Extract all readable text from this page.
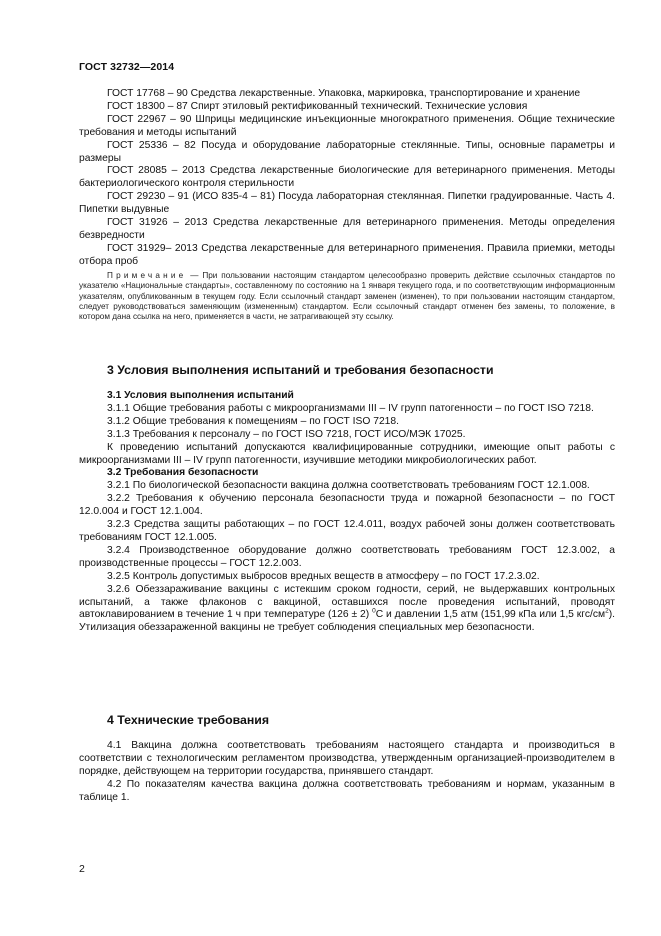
ГОСТ 32732—2014

ГОСТ 17768 – 90 Средства лекарственные. Упаковка, маркировка, транспортирование и хранение

ГОСТ 18300 – 87 Спирт этиловый ректификованный технический. Технические условия

ГОСТ 22967 – 90 Шприцы медицинские инъекционные многократного применения. Общие технические требования и методы испытаний

ГОСТ 25336 – 82 Посуда и оборудование лабораторные стеклянные. Типы, основные параметры и размеры

ГОСТ 28085 – 2013 Средства лекарственные биологические для ветеринарного применения. Методы бактериологического контроля стерильности

ГОСТ 29230 – 91 (ИСО 835-4 – 81) Посуда лабораторная стеклянная. Пипетки градуированные. Часть 4. Пипетки выдувные

ГОСТ 31926 – 2013 Средства лекарственные для ветеринарного применения. Методы определения безвредности

ГОСТ 31929– 2013 Средства лекарственные для ветеринарного применения. Правила приемки, методы отбора проб

Примечание — При пользовании настоящим стандартом целесообразно проверить действие ссылочных стандартов по указателю «Национальные стандарты», составленному по состоянию на 1 января текущего года, и по соответствующим информационным указателям, опубликованным в текущем году. Если ссылочный стандарт заменен (изменен), то при пользовании настоящим стандартом, следует руководствоваться заменяющим (измененным) стандартом. Если ссылочный стандарт отменен без замены, то положение, в котором дана ссылка на него, применяется в части, не затрагивающей эту ссылку.

3 Условия выполнения испытаний и требования безопасности

3.1 Условия выполнения испытаний

3.1.1 Общие требования работы с микроорганизмами III – IV групп патогенности – по ГОСТ ISO 7218.

3.1.2 Общие требования к помещениям – по ГОСТ ISO 7218.

3.1.3 Требования к персоналу – по ГОСТ ISO 7218, ГОСТ ИСО/МЭК 17025.

К проведению испытаний допускаются квалифицированные сотрудники, имеющие опыт работы с микроорганизмами III – IV групп патогенности, изучившие методики микробиологических работ.

3.2 Требования безопасности

3.2.1 По биологической безопасности вакцина должна соответствовать требованиям ГОСТ 12.1.008.

3.2.2 Требования к обучению персонала безопасности труда и пожарной безопасности – по ГОСТ 12.0.004 и ГОСТ 12.1.004.

3.2.3 Средства защиты работающих – по ГОСТ 12.4.011, воздух рабочей зоны должен соответствовать требованиям ГОСТ 12.1.005.

3.2.4 Производственное оборудование должно соответствовать требованиям ГОСТ 12.3.002, а производственные процессы – ГОСТ 12.2.003.

3.2.5 Контроль допустимых выбросов вредных веществ в атмосферу – по ГОСТ 17.2.3.02.

3.2.6 Обеззараживание вакцины с истекшим сроком годности, серий, не выдержавших контрольных испытаний, а также флаконов с вакциной, оставшихся после проведения испытаний, проводят автоклавированием в течение 1 ч при температуре (126 ± 2) $^0$С и давлении 1,5 атм (151,99 кПа или 1,5 кгс/$см^2$). Утилизация обеззараженной вакцины не требует соблюдения специальных мер безопасности.

4 Технические требования

4.1 Вакцина должна соответствовать требованиям настоящего стандарта и производиться в соответствии с технологическим регламентом производства, утвержденным организацией-производителем в порядке, действующем на территории государства, принявшего стандарт.

4.2 По показателям качества вакцина должна соответствовать требованиям и нормам, указанным в таблице 1.

2
